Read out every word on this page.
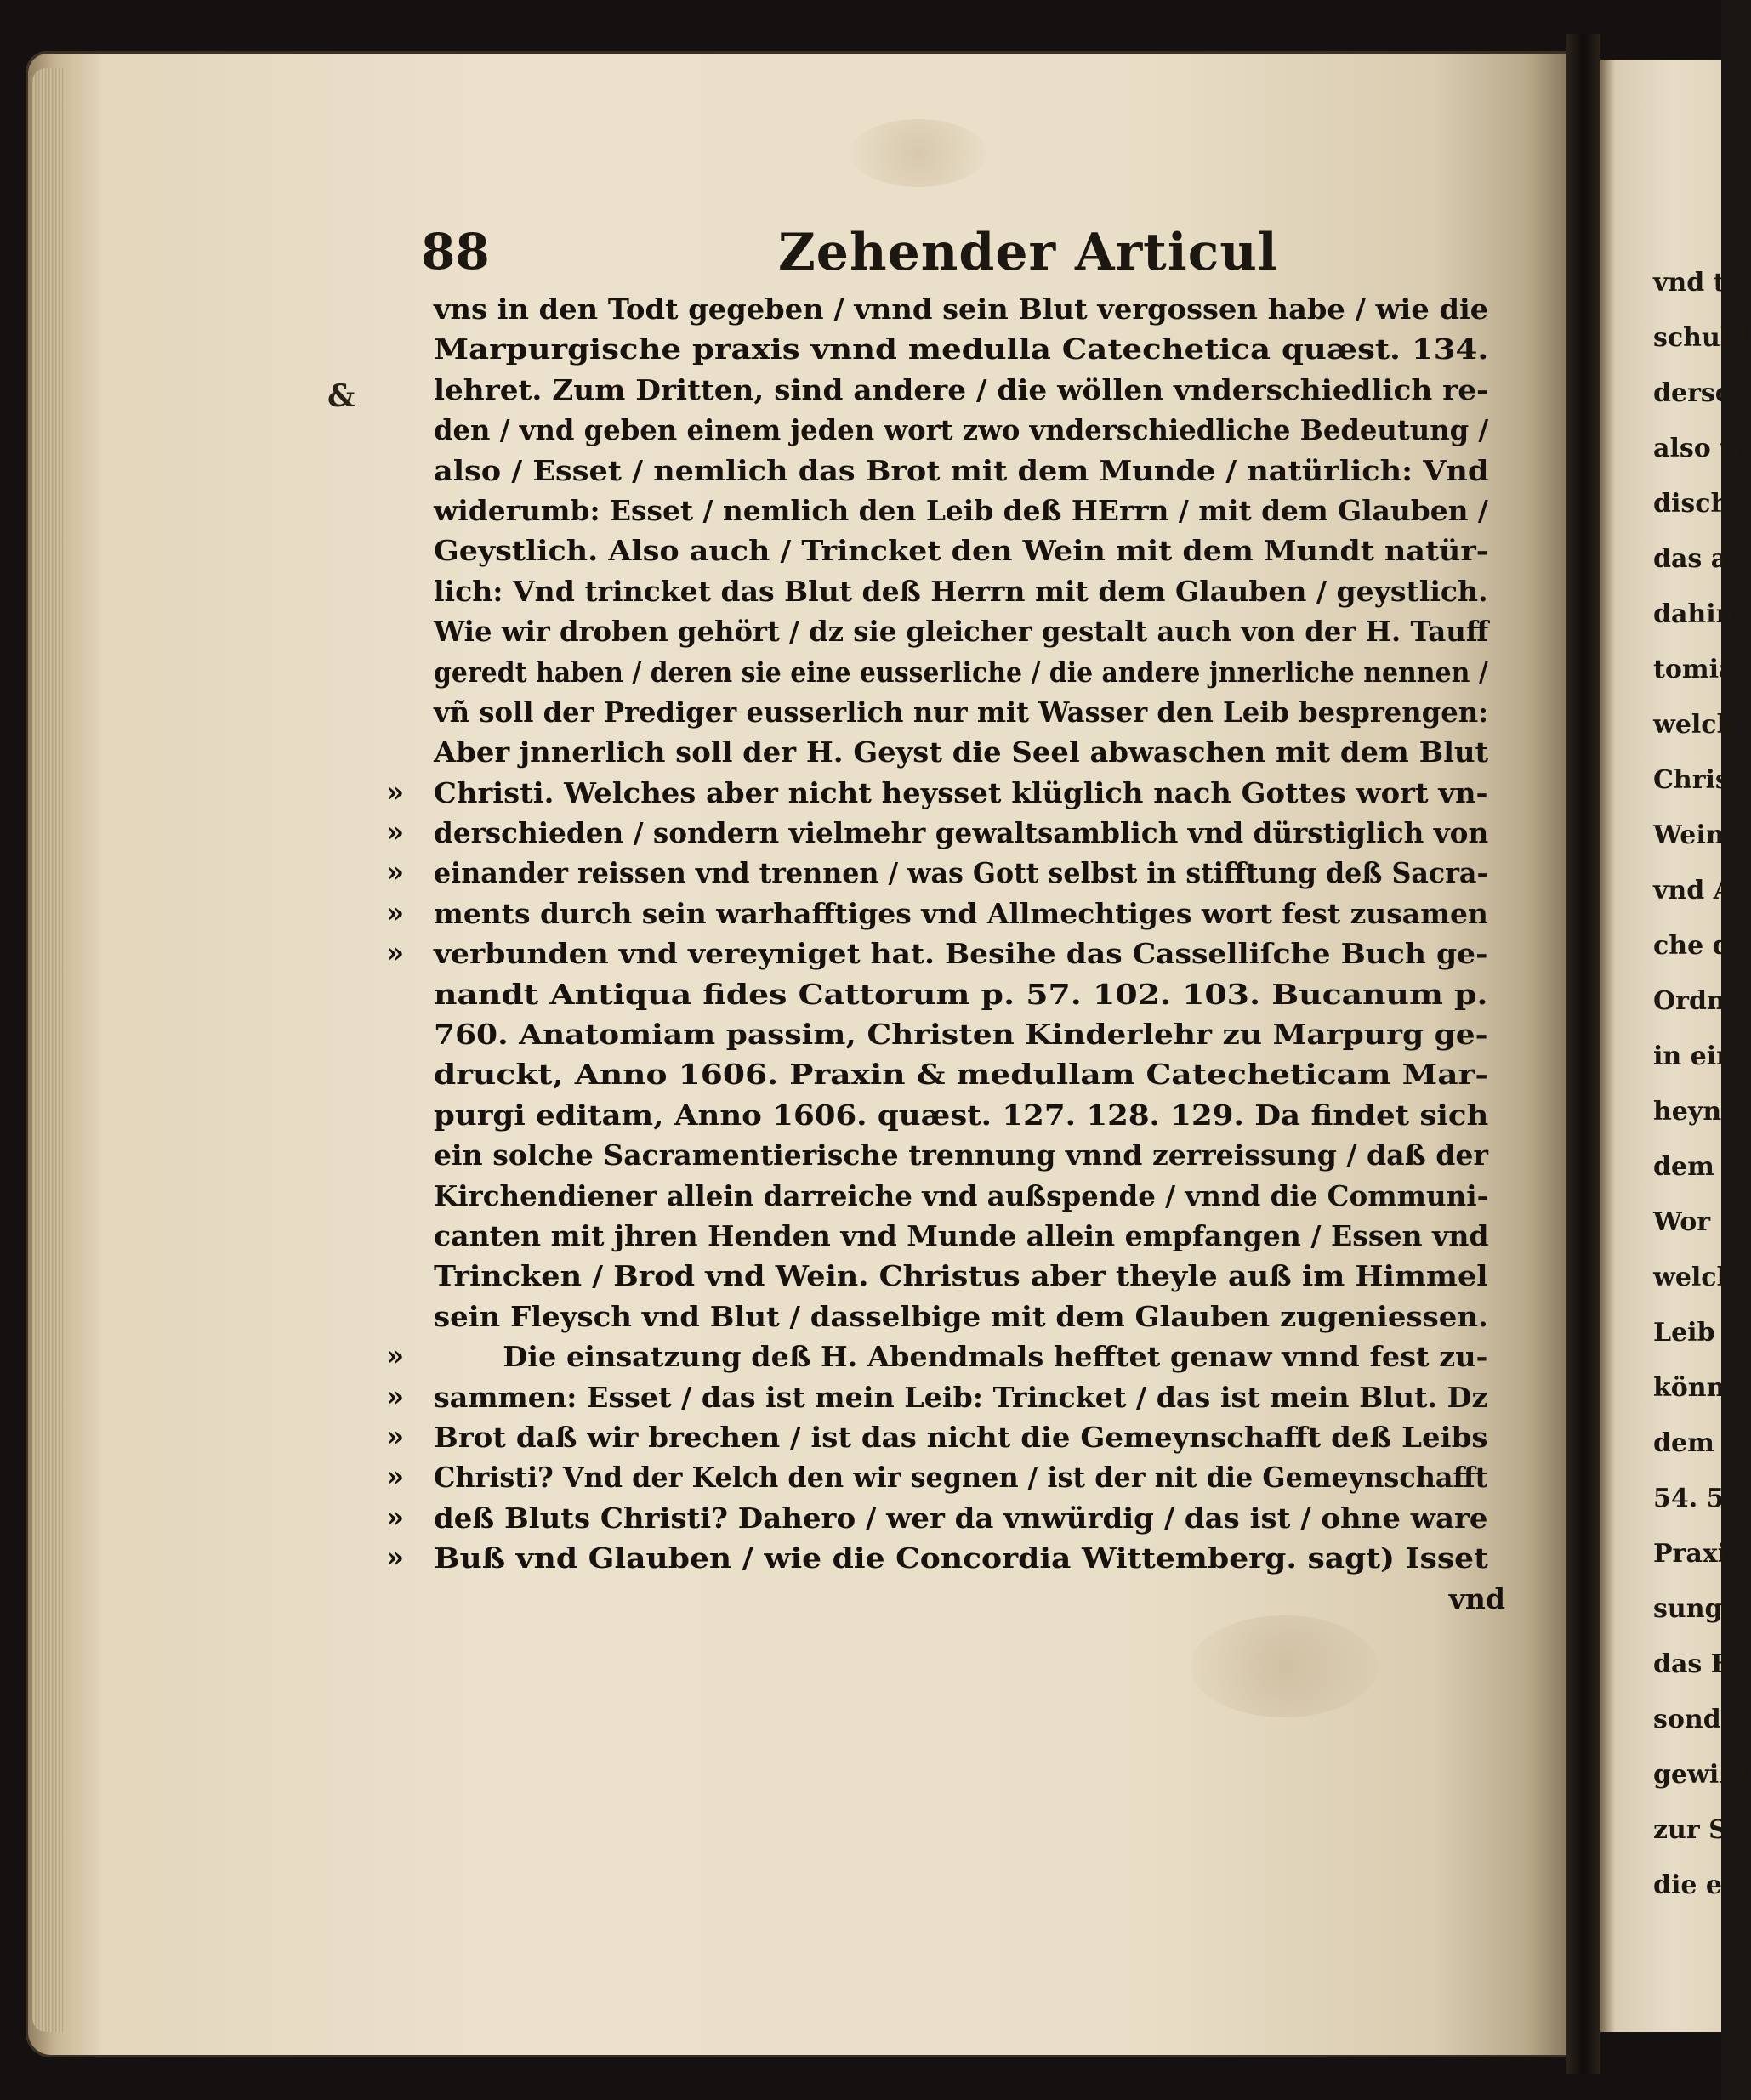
88	Zehender Articul
&
vns in den Todt gegeben / vnnd sein Blut vergossen habe / wie die
Marpurgische praxis vnnd medulla Catechetica quæst. 134.
lehret. Zum Dritten, sind andere / die wöllen vnderschiedlich re-
den / vnd geben einem jeden wort zwo vnderschiedliche Bedeutung /
also / Esset / nemlich das Brot mit dem Munde / natürlich: Vnd
widerumb: Esset / nemlich den Leib deß HErrn / mit dem Glauben /
Geystlich. Also auch / Trincket den Wein mit dem Mundt natür-
lich: Vnd trincket das Blut deß Herrn mit dem Glauben / geystlich.
Wie wir droben gehört / dz sie gleicher gestalt auch von der H. Tauff
geredt haben / deren sie eine eusserliche / die andere jnnerliche nennen /
vñ soll der Prediger eusserlich nur mit Wasser den Leib besprengen:
Aber jnnerlich soll der H. Geyst die Seel abwaschen mit dem Blut
» Christi. Welches aber nicht heysset klüglich nach Gottes wort vn-
» derschieden / sondern vielmehr gewaltsamblich vnd dürstiglich von
» einander reissen vnd trennen / was Gott selbst in stifftung deß Sacra-
» ments durch sein warhafftiges vnd Allmechtiges wort fest zusamen
» verbunden vnd vereyniget hat. Besihe das Casselliſche Buch ge-
nandt Antiqua fides Cattorum p. 57. 102. 103. Bucanum p.
760. Anatomiam passim, Christen Kinderlehr zu Marpurg ge-
druckt, Anno 1606. Praxin & medullam Catecheticam Mar-
purgi editam, Anno 1606. quæst. 127. 128. 129. Da findet sich
ein solche Sacramentierische trennung vnnd zerreissung / daß der
Kirchendiener allein darreiche vnd außspende / vnnd die Communi-
canten mit jhren Henden vnd Munde allein empfangen / Essen vnd
Trincken / Brod vnd Wein. Christus aber theyle auß im Himmel
sein Fleysch vnd Blut / dasselbige mit dem Glauben zugeniessen.
»	Die einsatzung deß H. Abendmals hefftet genaw vnnd fest zu-
» sammen: Esset / das ist mein Leib: Trincket / das ist mein Blut. Dz
» Brot daß wir brechen / ist das nicht die Gemeynschafft deß Leibs
» Christi? Vnd der Kelch den wir segnen / ist der nit die Gemeynschafft
» deß Bluts Christi? Dahero / wer da vnwürdig / das ist / ohne ware
» Buß vnd Glauben / wie die Concordia Wittemberg. sagt) Isset
vnd
vnd t
schuld
dersch
also tr
dische
das a
dahin
tomia
welch
Chris
Wein
vnd A
che di
Ordn
in ein
heyn
dem
Wor
welch
Leib v
könn
dem G
54. 55
Praxi
sung
das H
sonder
gewißl
zur S
die ei
